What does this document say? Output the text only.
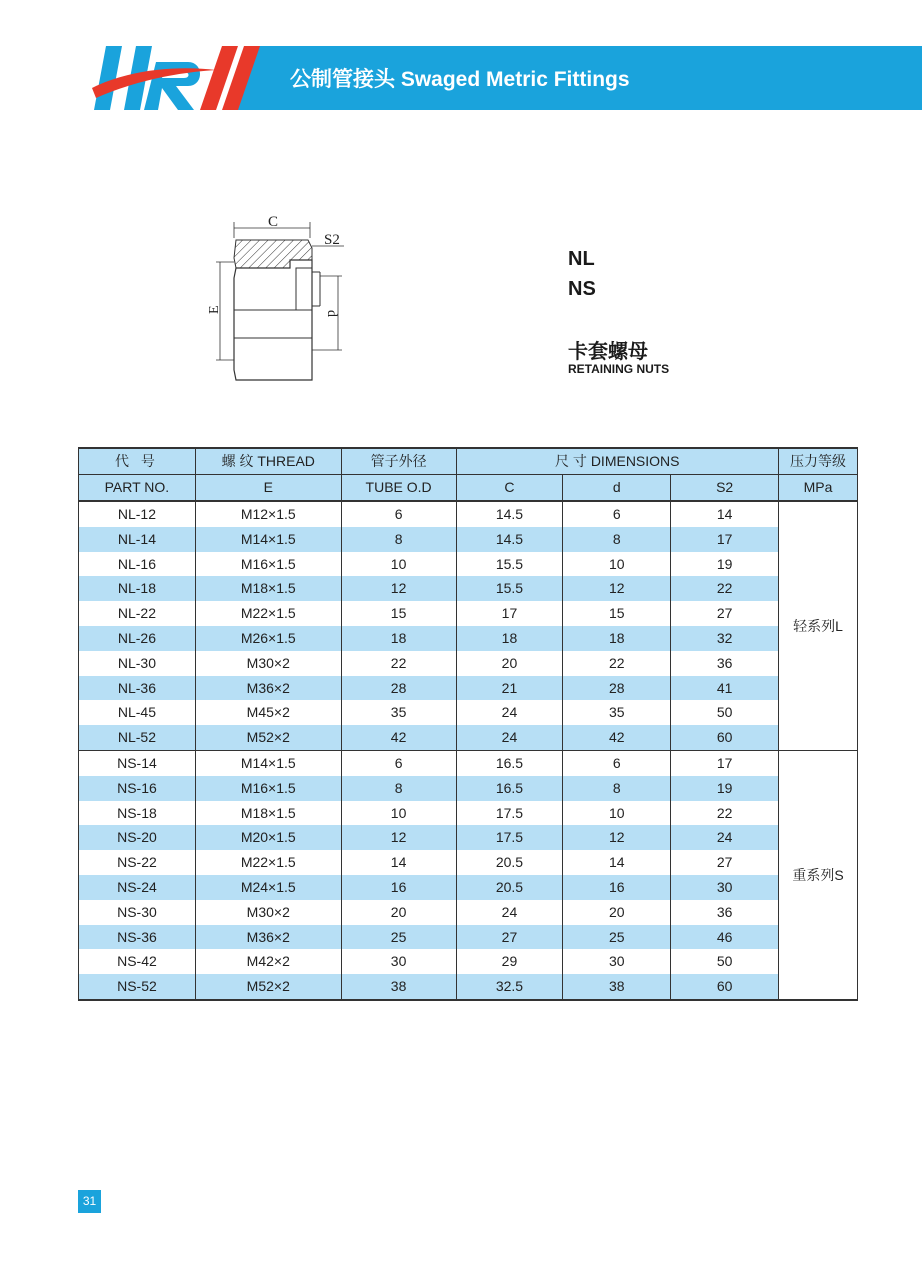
公制管接头 Swaged Metric Fittings
C
S2
E	d
NL
NS
卡套螺母
RETAINING NUTS
代 号	螺 纹 THREAD	管子外径	尺 寸 DIMENSIONS			压力等级
PART NO.	E	TUBE O.D	C	d	S2	MPa
NL-12	M12×1.5	6	14.5	6	14	轻系列L
NL-14	M14×1.5	8	14.5	8	17	
NL-16	M16×1.5	10	15.5	10	19	
NL-18	M18×1.5	12	15.5	12	22	
NL-22	M22×1.5	15	17	15	27	
NL-26	M26×1.5	18	18	18	32	
NL-30	M30×2	22	20	22	36	
NL-36	M36×2	28	21	28	41	
NL-45	M45×2	35	24	35	50	
NL-52	M52×2	42	24	42	60	
NS-14	M14×1.5	6	16.5	6	17	重系列S
NS-16	M16×1.5	8	16.5	8	19	
NS-18	M18×1.5	10	17.5	10	22	
NS-20	M20×1.5	12	17.5	12	24	
NS-22	M22×1.5	14	20.5	14	27	
NS-24	M24×1.5	16	20.5	16	30	
NS-30	M30×2	20	24	20	36	
NS-36	M36×2	25	27	25	46	
NS-42	M42×2	30	29	30	50	
NS-52	M52×2	38	32.5	38	60	
31
